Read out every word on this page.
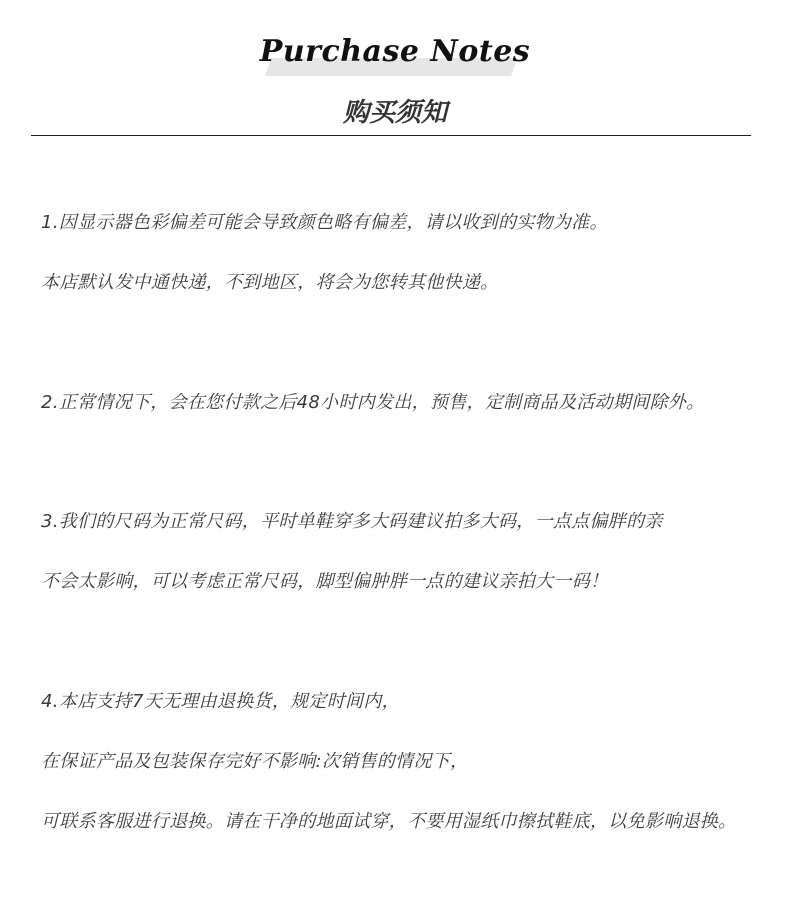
Purchase Notes
购买须知
1.因显示器色彩偏差可能会导致颜色略有偏差，请以收到的实物为准。
本店默认发中通快递，不到地区，将会为您转其他快递。
2.正常情况下，会在您付款之后48小时内发出，预售，定制商品及活动期间除外。
3.我们的尺码为正常尺码，平时单鞋穿多大码建议拍多大码，一点点偏胖的亲
不会太影响，可以考虑正常尺码，脚型偏肿胖一点的建议亲拍大一码！
4.本店支持7天无理由退换货，规定时间内，
在保证产品及包装保存完好不影响:次销售的情况下，
可联系客服进行退换。请在干净的地面试穿，不要用湿纸巾擦拭鞋底，以免影响退换。
